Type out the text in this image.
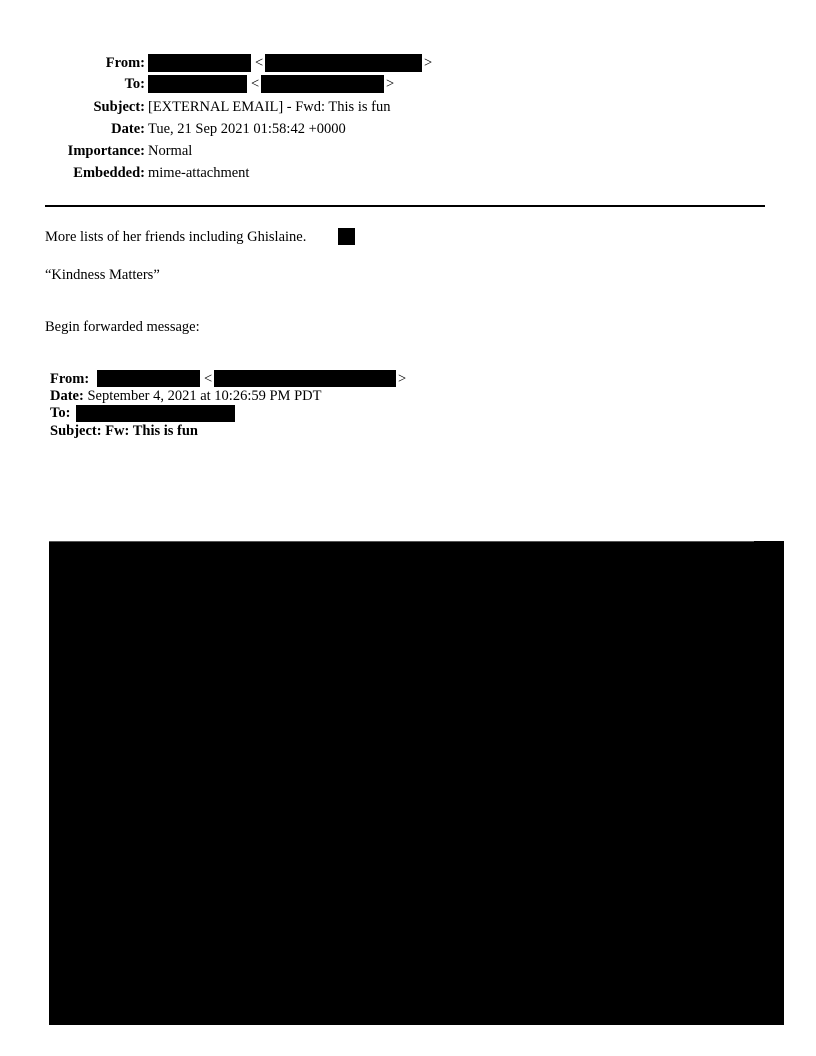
From:	<	>
To:	<	>
Subject: [EXTERNAL EMAIL] - Fwd: This is fun
Date: Tue, 21 Sep 2021 01:58:42 +0000
Importance: Normal
Embedded: mime-attachment
More lists of her friends including Ghislaine.
“Kindness Matters”
Begin forwarded message:
From:	<	>
Date: September 4, 2021 at 10:26:59 PM PDT
To:
Subject: Fw: This is fun
